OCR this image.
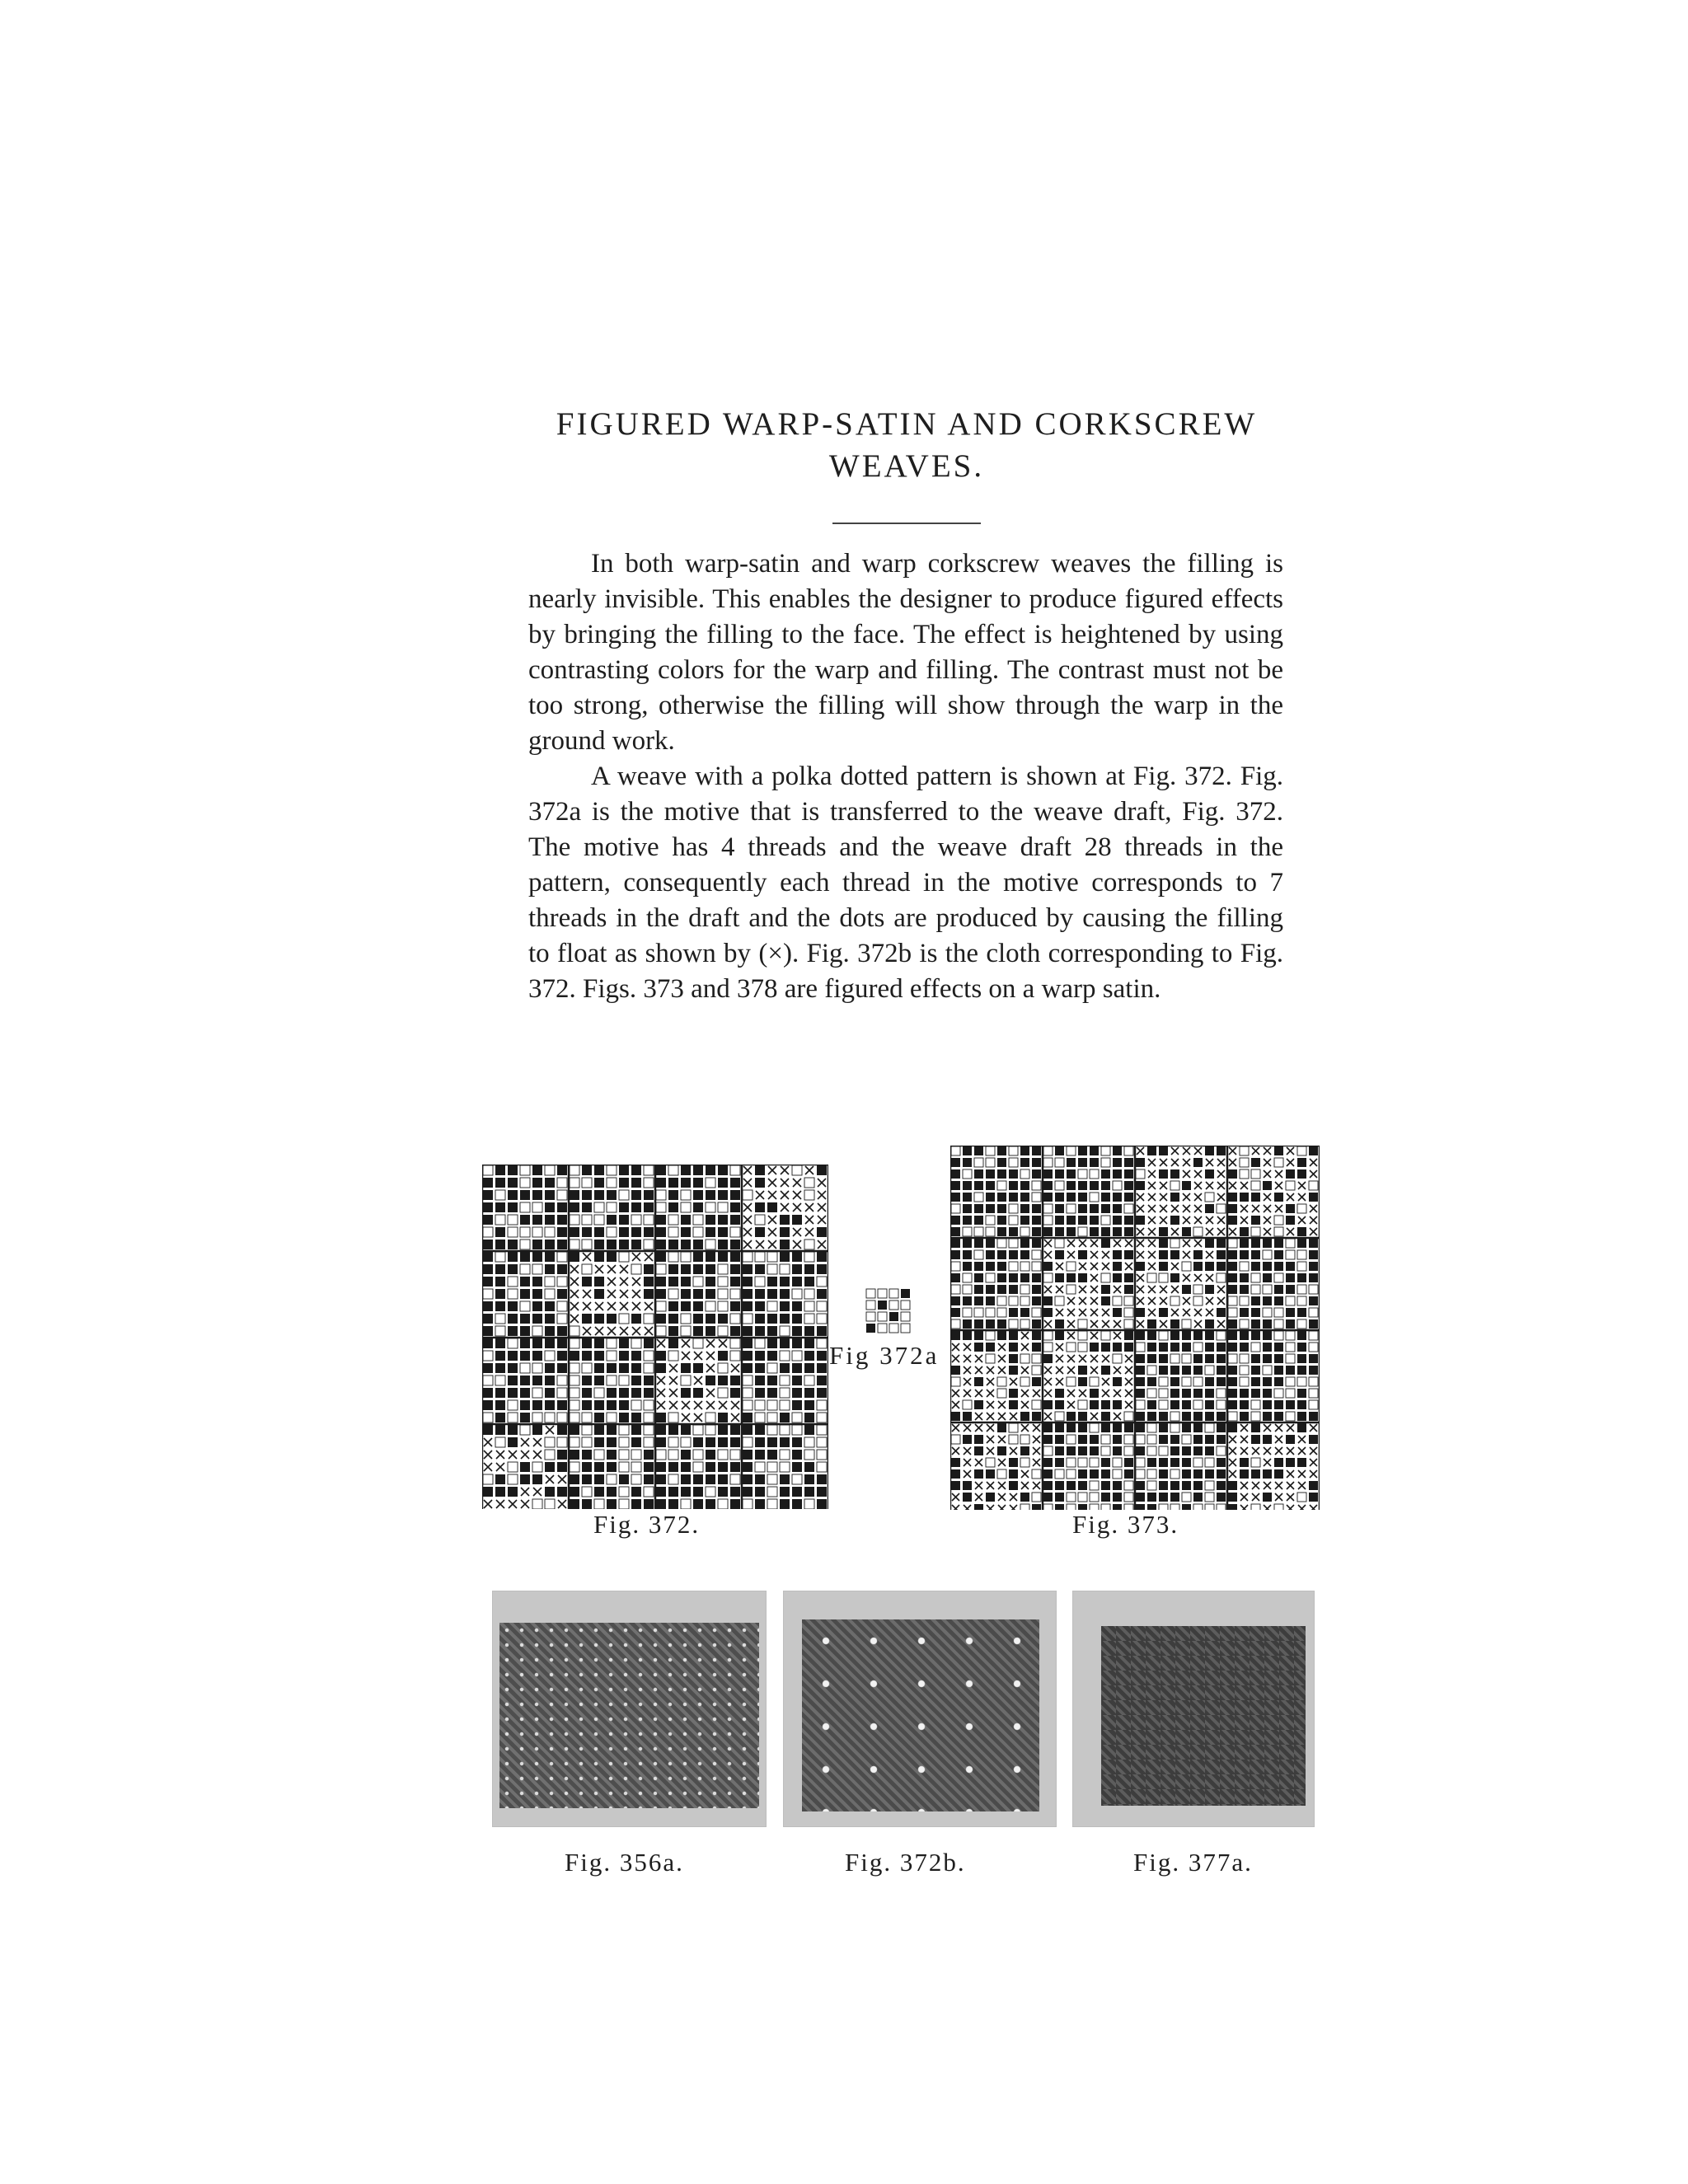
FIGURED WARP-SATIN AND CORKSCREW
WEAVES.

In both warp-satin and warp corkscrew weaves the filling is nearly invisible. This enables the designer to produce figured effects by bringing the filling to the face. The effect is heightened by using contrasting colors for the warp and filling. The contrast must not be too strong, otherwise the filling will show through the warp in the ground work.

A weave with a polka dotted pattern is shown at Fig. 372. Fig. 372a is the motive that is transferred to the weave draft, Fig. 372. The motive has 4 threads and the weave draft 28 threads in the pattern, consequently each thread in the motive corresponds to 7 threads in the draft and the dots are produced by causing the filling to float as shown by (×). Fig. 372b is the cloth corresponding to Fig. 372. Figs. 373 and 378 are figured effects on a warp satin.

Fig. 372.
Fig 372a
Fig. 373.
Fig. 356a.	Fig. 372b.	Fig. 377a.
